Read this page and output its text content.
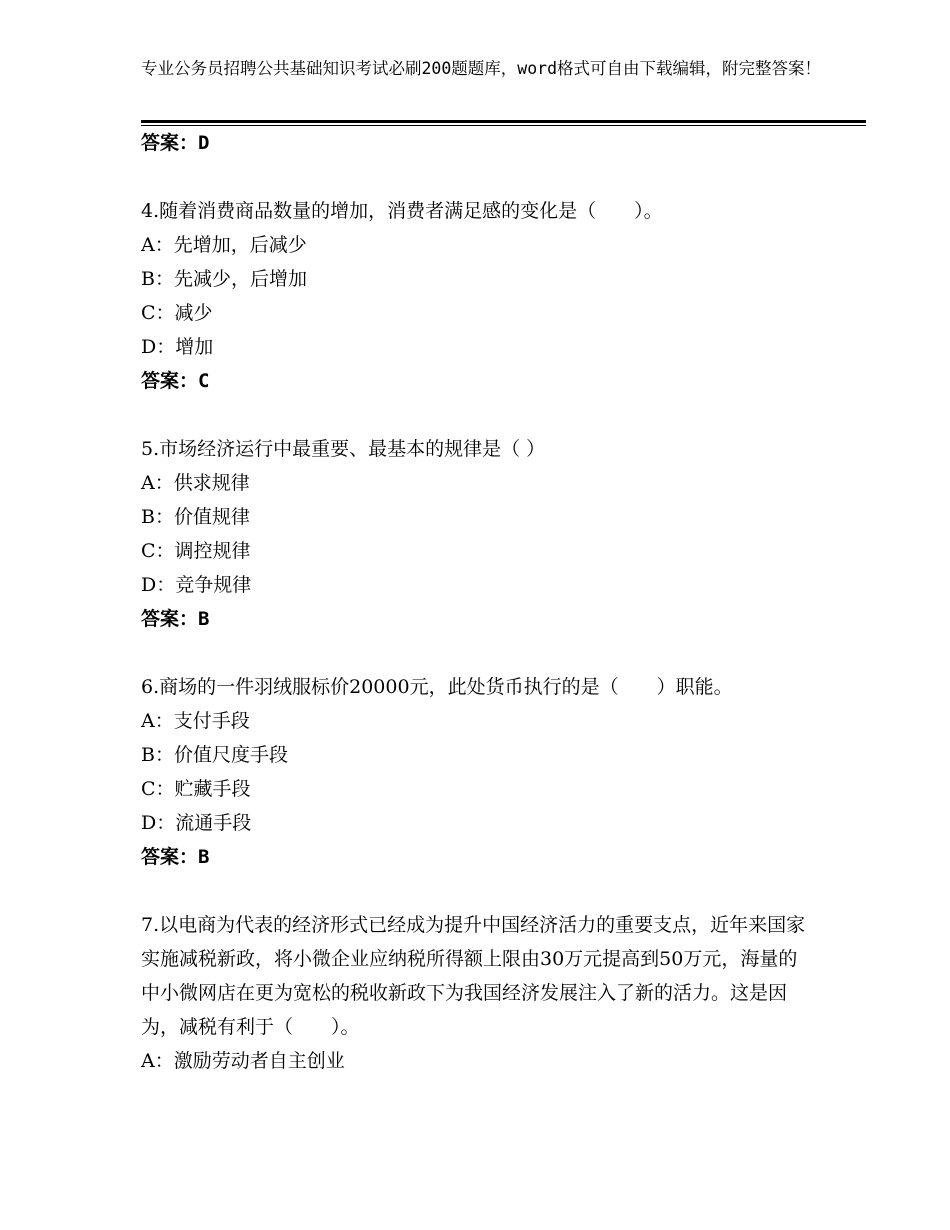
专业公务员招聘公共基础知识考试必刷200题题库，word格式可自由下载编辑，附完整答案！
答案：D
4.随着消费商品数量的增加，消费者满足感的变化是（　　）。
A：先增加，后减少
B：先减少，后增加
C：减少
D：增加
答案：C
5.市场经济运行中最重要、最基本的规律是（ ）
A：供求规律
B：价值规律
C：调控规律
D：竞争规律
答案：B
6.商场的一件羽绒服标价20000元，此处货币执行的是（　　）职能。
A：支付手段
B：价值尺度手段
C：贮藏手段
D：流通手段
答案：B
7.以电商为代表的经济形式已经成为提升中国经济活力的重要支点，近年来国家实施减税新政，将小微企业应纳税所得额上限由30万元提高到50万元，海量的中小微网店在更为宽松的税收新政下为我国经济发展注入了新的活力。这是因为，减税有利于（　　）。
A：激励劳动者自主创业
